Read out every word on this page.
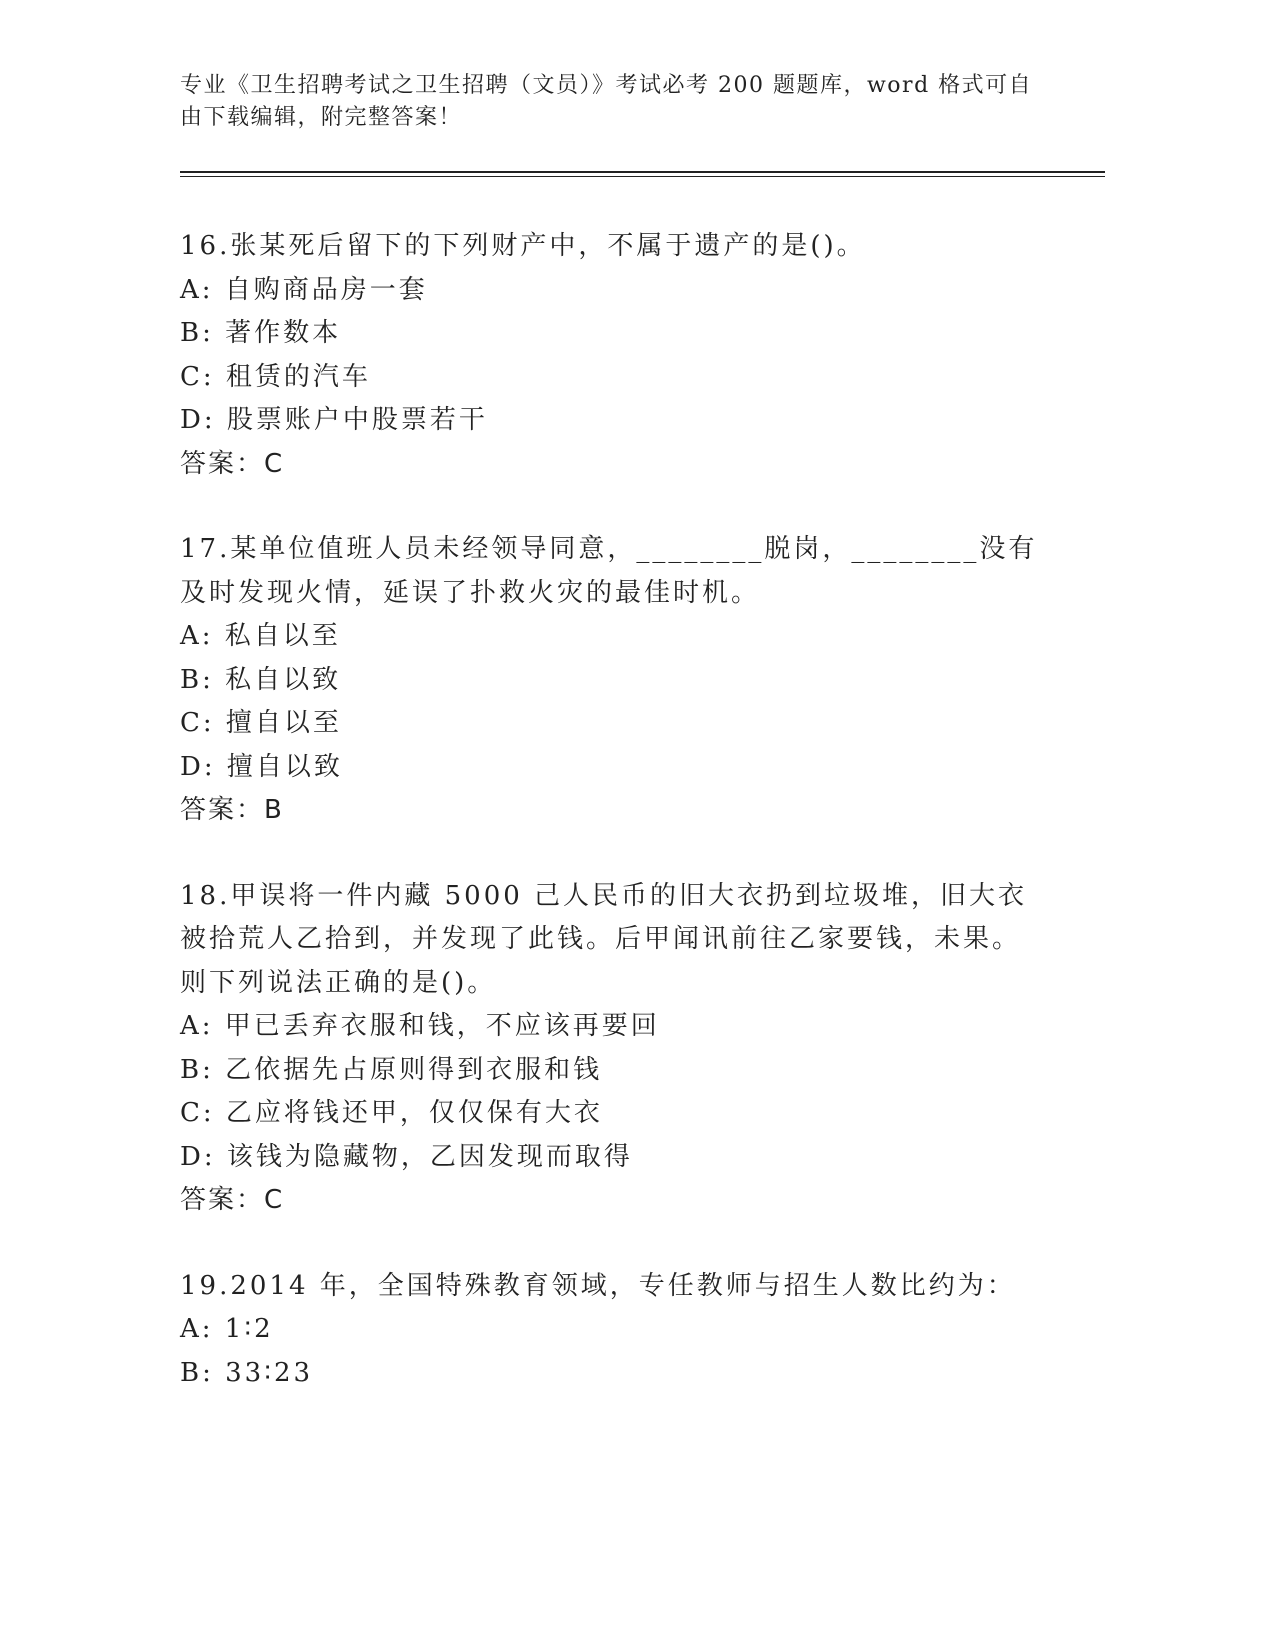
专业《卫生招聘考试之卫生招聘（文员）》考试必考 200 题题库，word 格式可自由下载编辑，附完整答案！

16.张某死后留下的下列财产中，不属于遗产的是()。

A: 自购商品房一套

B: 著作数本

C: 租赁的汽车

D: 股票账户中股票若干

答案：C

17.某单位值班人员未经领导同意，________脱岗，________没有及时发现火情，延误了扑救火灾的最佳时机。

A: 私自以至

B: 私自以致

C: 擅自以至

D: 擅自以致

答案：B

18.甲误将一件内藏 5000 己人民币的旧大衣扔到垃圾堆，旧大衣被拾荒人乙拾到，并发现了此钱。后甲闻讯前往乙家要钱，未果。则下列说法正确的是()。

A: 甲已丢弃衣服和钱，不应该再要回

B: 乙依据先占原则得到衣服和钱

C: 乙应将钱还甲，仅仅保有大衣

D: 该钱为隐藏物，乙因发现而取得

答案：C

19.2014 年，全国特殊教育领域，专任教师与招生人数比约为：

A: 1∶2

B: 33∶23
